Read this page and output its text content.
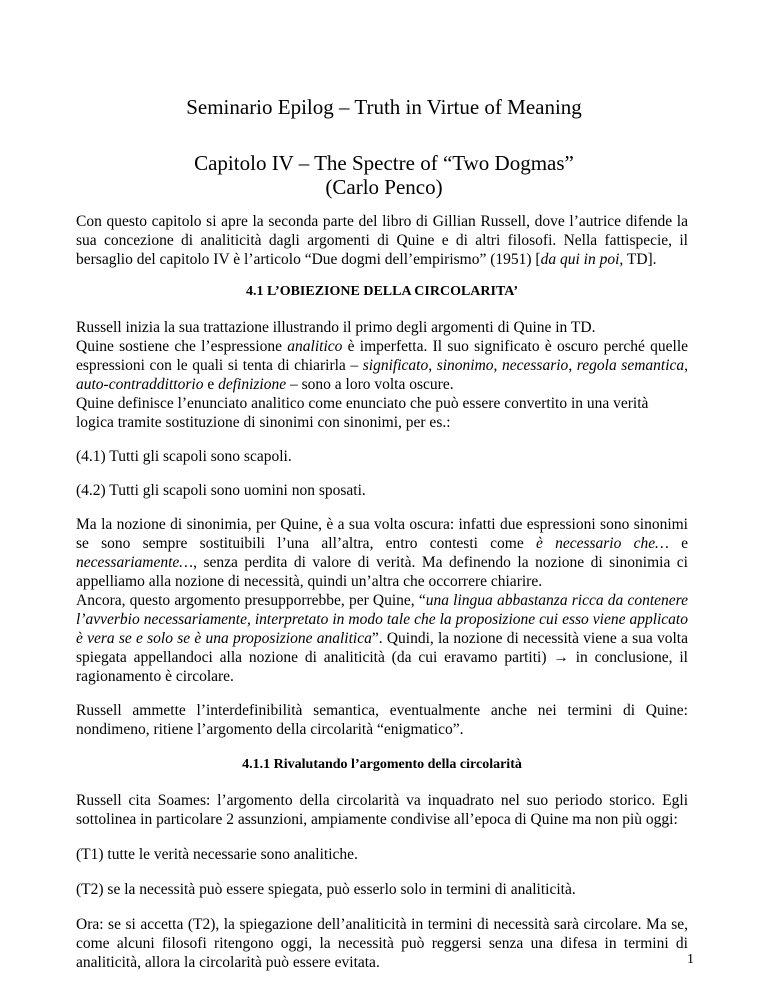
Seminario Epilog – Truth in Virtue of Meaning
Capitolo IV – The Spectre of “Two Dogmas”
(Carlo Penco)

Con questo capitolo si apre la seconda parte del libro di Gillian Russell, dove l’autrice difende la sua concezione di analiticità dagli argomenti di Quine e di altri filosofi. Nella fattispecie, il bersaglio del capitolo IV è l’articolo “Due dogmi dell’empirismo” (1951) [da qui in poi, TD].

4.1 L’OBIEZIONE DELLA CIRCOLARITA’

Russell inizia la sua trattazione illustrando il primo degli argomenti di Quine in TD.

Quine sostiene che l’espressione analitico è imperfetta. Il suo significato è oscuro perché quelle espressioni con le quali si tenta di chiarirla – significato, sinonimo, necessario, regola semantica, auto-contraddittorio e definizione – sono a loro volta oscure.

Quine definisce l’enunciato analitico come enunciato che può essere convertito in una verità logica tramite sostituzione di sinonimi con sinonimi, per es.:

(4.1) Tutti gli scapoli sono scapoli.

(4.2) Tutti gli scapoli sono uomini non sposati.

Ma la nozione di sinonimia, per Quine, è a sua volta oscura: infatti due espressioni sono sinonimi se sono sempre sostituibili l’una all’altra, entro contesti come è necessario che… e necessariamente…, senza perdita di valore di verità. Ma definendo la nozione di sinonimia ci appelliamo alla nozione di necessità, quindi un’altra che occorrere chiarire.

Ancora, questo argomento presupporrebbe, per Quine, “una lingua abbastanza ricca da contenere l’avverbio necessariamente, interpretato in modo tale che la proposizione cui esso viene applicato è vera se e solo se è una proposizione analitica”. Quindi, la nozione di necessità viene a sua volta spiegata appellandoci alla nozione di analiticità (da cui eravamo partiti) → in conclusione, il ragionamento è circolare.

Russell ammette l’interdefinibilità semantica, eventualmente anche nei termini di Quine: nondimeno, ritiene l’argomento della circolarità “enigmatico”.

4.1.1 Rivalutando l’argomento della circolarità

Russell cita Soames: l’argomento della circolarità va inquadrato nel suo periodo storico. Egli sottolinea in particolare 2 assunzioni, ampiamente condivise all’epoca di Quine ma non più oggi:

(T1) tutte le verità necessarie sono analitiche.

(T2) se la necessità può essere spiegata, può esserlo solo in termini di analiticità.

Ora: se si accetta (T2), la spiegazione dell’analiticità in termini di necessità sarà circolare. Ma se, come alcuni filosofi ritengono oggi, la necessità può reggersi senza una difesa in termini di analiticità, allora la circolarità può essere evitata.	1
